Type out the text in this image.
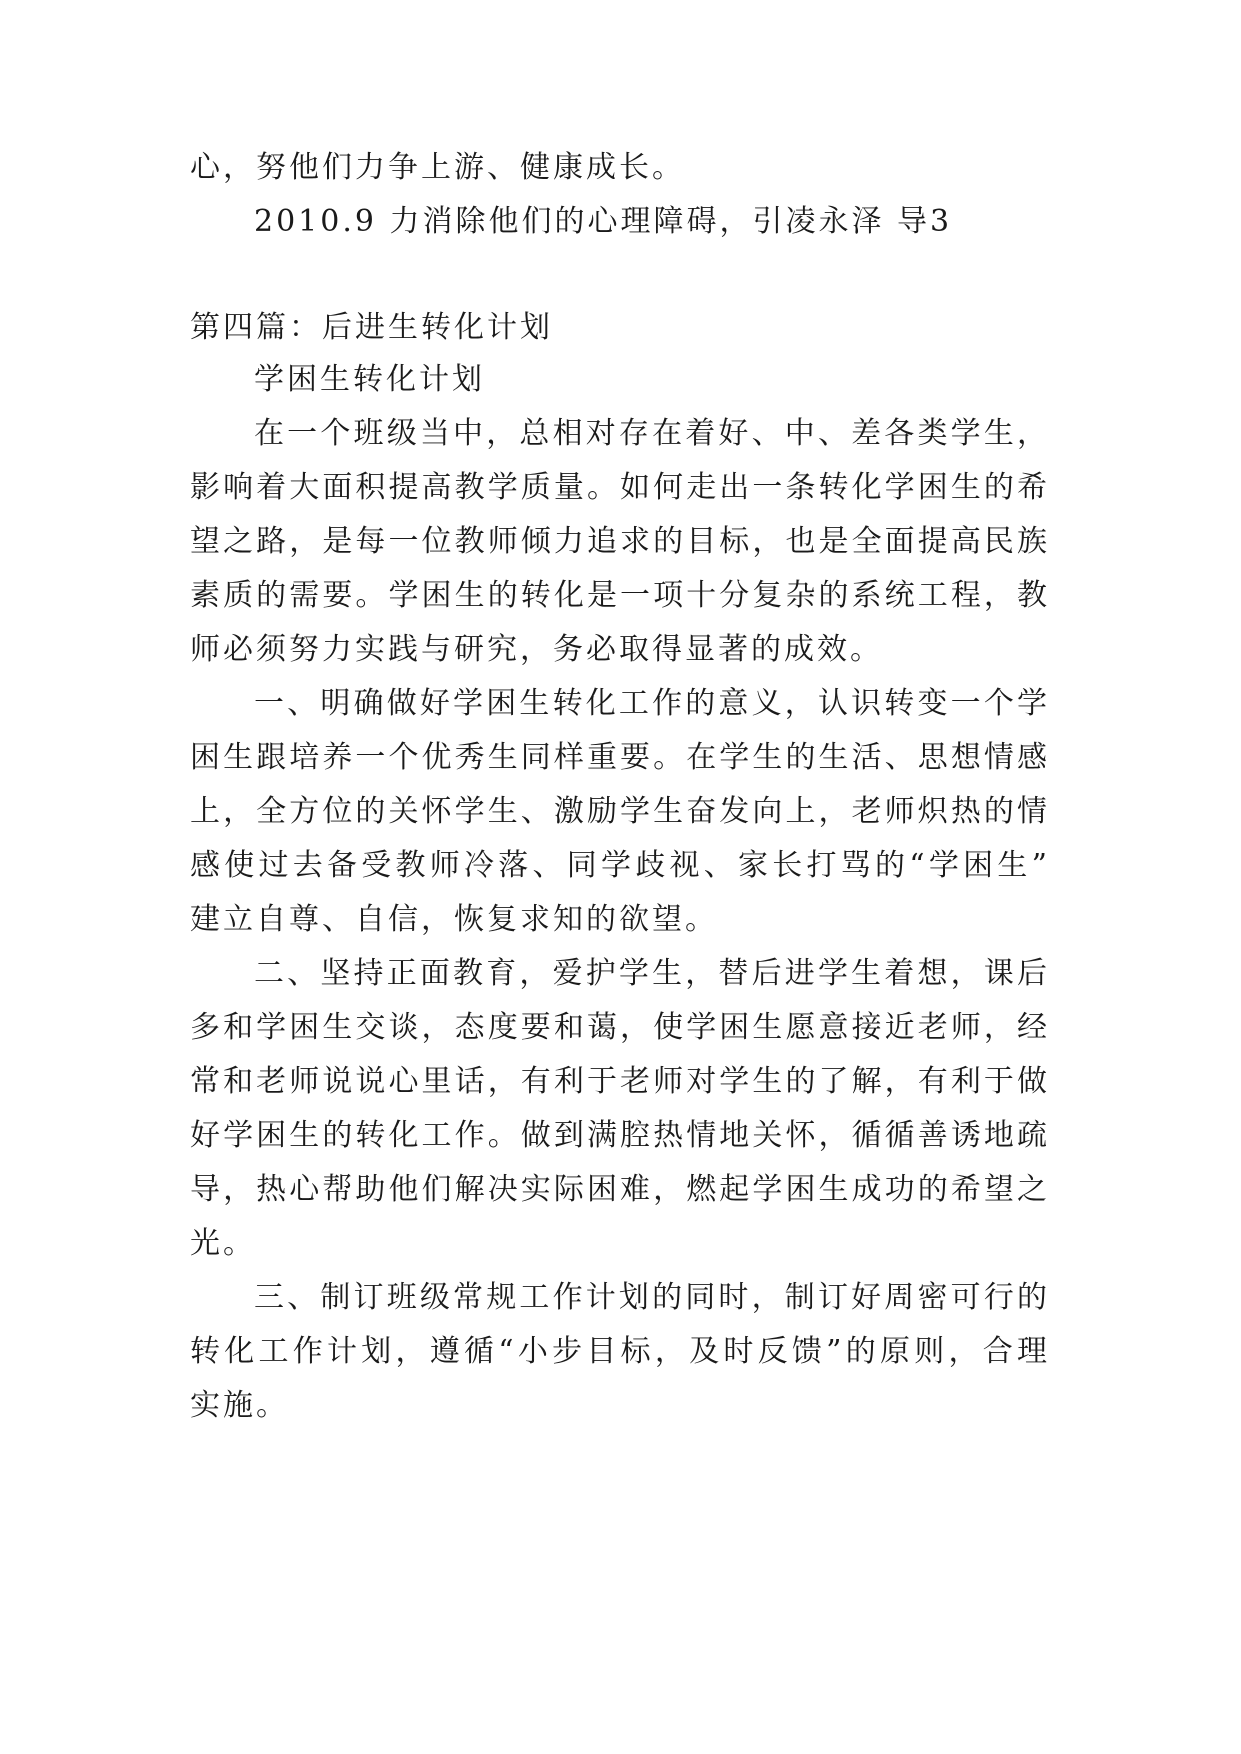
心，努他们力争上游、健康成长。
2010.9 力消除他们的心理障碍，引凌永泽 导3
第四篇：后进生转化计划
学困生转化计划
在一个班级当中，总相对存在着好、中、差各类学生，
影响着大面积提高教学质量。如何走出一条转化学困生的希
望之路，是每一位教师倾力追求的目标，也是全面提高民族
素质的需要。学困生的转化是一项十分复杂的系统工程，教
师必须努力实践与研究，务必取得显著的成效。
一、明确做好学困生转化工作的意义，认识转变一个学
困生跟培养一个优秀生同样重要。在学生的生活、思想情感
上，全方位的关怀学生、激励学生奋发向上，老师炽热的情
感使过去备受教师冷落、同学歧视、家长打骂的“学困生”
建立自尊、自信，恢复求知的欲望。
二、坚持正面教育，爱护学生，替后进学生着想，课后
多和学困生交谈，态度要和蔼，使学困生愿意接近老师，经
常和老师说说心里话，有利于老师对学生的了解，有利于做
好学困生的转化工作。做到满腔热情地关怀，循循善诱地疏
导，热心帮助他们解决实际困难，燃起学困生成功的希望之
光。
三、制订班级常规工作计划的同时，制订好周密可行的
转化工作计划，遵循“小步目标，及时反馈”的原则，合理
实施。
